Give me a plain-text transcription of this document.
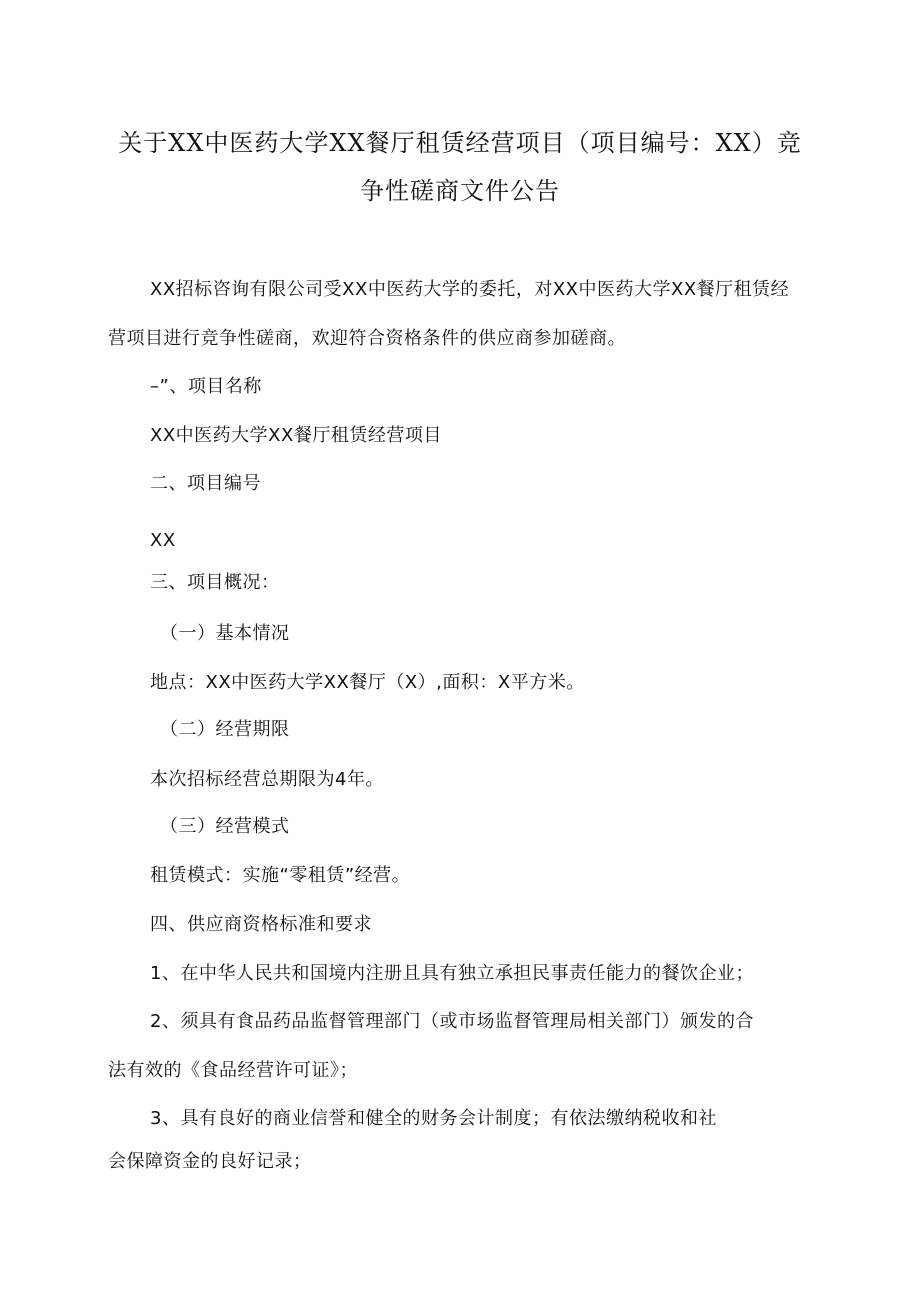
关于XX中医药大学XX餐厅租赁经营项目（项目编号：XX）竞
争性磋商文件公告
XX招标咨询有限公司受XX中医药大学的委托，对XX中医药大学XX餐厅租赁经
营项目进行竞争性磋商，欢迎符合资格条件的供应商参加磋商。
–”、项目名称
XX中医药大学XX餐厅租赁经营项目
二、项目编号
XX
三、项目概况：
（一）基本情况
地点：XX中医药大学XX餐厅（X）,面积：X平方米。
（二）经营期限
本次招标经营总期限为4年。
（三）经营模式
租赁模式：实施“零租赁”经营。
四、供应商资格标准和要求
1、在中华人民共和国境内注册且具有独立承担民事责任能力的餐饮企业；
2、须具有食品药品监督管理部门（或市场监督管理局相关部门）颁发的合
法有效的《食品经营许可证》；
3、具有良好的商业信誉和健全的财务会计制度；有依法缴纳税收和社
会保障资金的良好记录；
